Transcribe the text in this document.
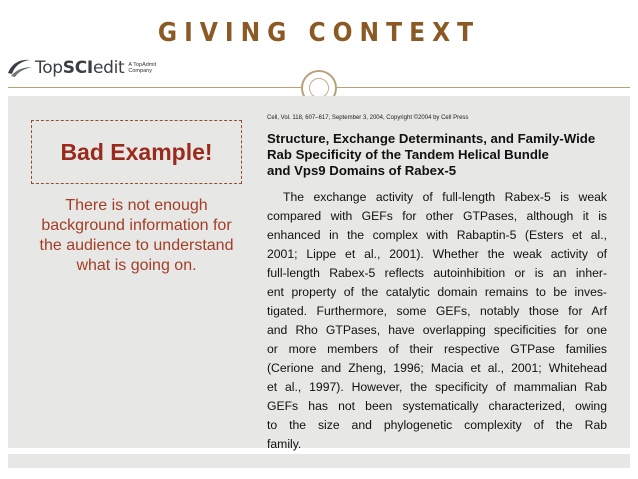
GIVING CONTEXT
Top SCI edit A TopAdmit
Company
Bad Example!
There is not enough background information for the audience to understand what is going on.
Cell, Vol. 118, 607–617, September 3, 2004, Copyright ©2004 by Cell Press
Structure, Exchange Determinants, and Family-Wide
Rab Specificity of the Tandem Helical Bundle
and Vps9 Domains of Rabex-5
The exchange activity of full-length Rabex-5 is weak
compared with GEFs for other GTPases, although it is
enhanced in the complex with Rabaptin-5 (Esters et al.,
2001; Lippe et al., 2001). Whether the weak activity of
full-length Rabex-5 reflects autoinhibition or is an inher-
ent property of the catalytic domain remains to be inves-
tigated. Furthermore, some GEFs, notably those for Arf
and Rho GTPases, have overlapping specificities for one
or more members of their respective GTPase families
(Cerione and Zheng, 1996; Macia et al., 2001; Whitehead
et al., 1997). However, the specificity of mammalian Rab
GEFs has not been systematically characterized, owing
to the size and phylogenetic complexity of the Rab
family.
